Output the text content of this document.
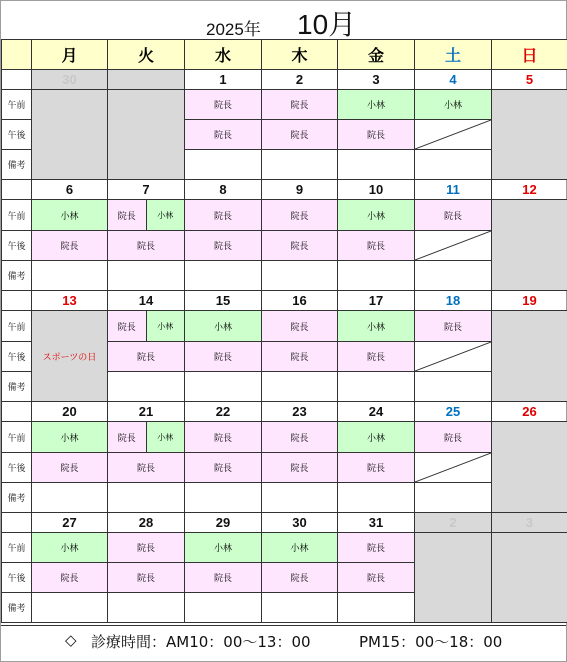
2025年 10月
	月	火	水	木	金	土	日
	30		1	2	3	4	5
午前			院長	院長	小林	小林	
午後			院長	院長	院長	

備考							
	6	7	8	9	10	11	12
午前	小林	院長 小林	院長	院長	小林	院長	
午後	院長	院長	院長	院長	院長	

備考							
	13	14	15	16	17	18	19
午前	スポーツの日	院長 小林	小林	院長	小林	院長	
午後		院長	院長	院長	院長	

備考							
	20	21	22	23	24	25	26
午前	小林	院長 小林	院長	院長	小林	院長	
午後	院長	院長	院長	院長	院長	

備考							
	27	28	29	30	31	2	3
午前	小林	院長	小林	小林	院長		
午後	院長	院長	院長	院長	院長		
備考							
◇ 診療時間：AM10：00〜13：00	PM15：00〜18：00
